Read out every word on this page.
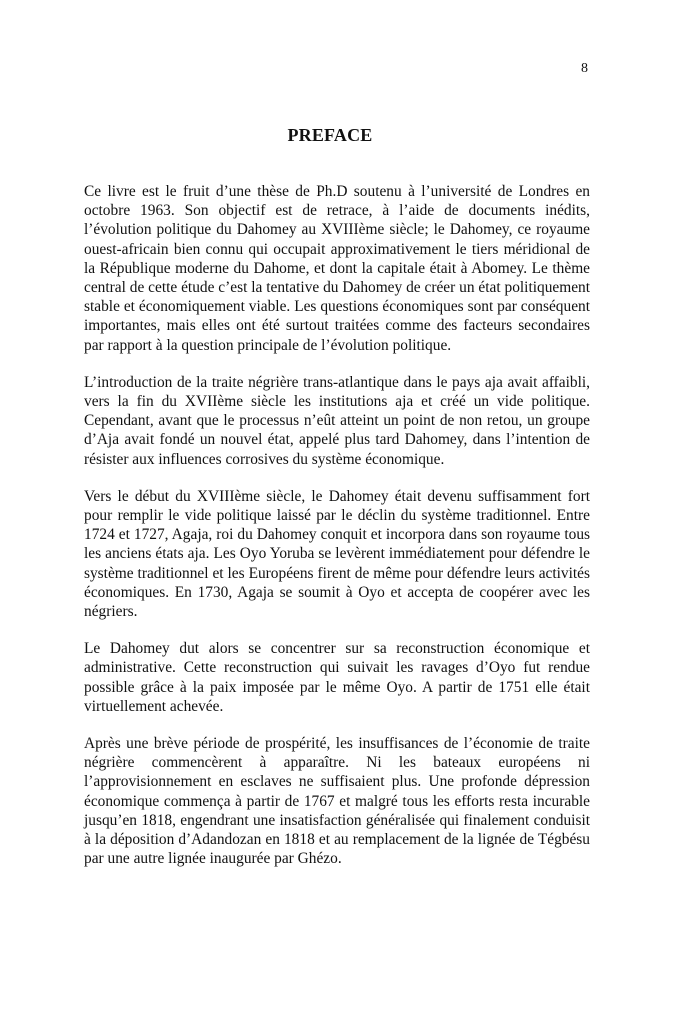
8
PREFACE

Ce livre est le fruit d’une thèse de Ph.D soutenu à l’université de Londres en octobre 1963. Son objectif est de retrace, à l’aide de documents inédits, l’évolution politique du Dahomey au XVIIIème siècle; le Dahomey, ce royaume ouest-africain bien connu qui occupait approximativement le tiers méridional de la République moderne du Dahome, et dont la capitale était à Abomey. Le thème central de cette étude c’est la tentative du Dahomey de créer un état politiquement stable et économiquement viable. Les questions économiques sont par conséquent importantes, mais elles ont été surtout traitées comme des facteurs secondaires par rapport à la question principale de l’évolution politique.

L’introduction de la traite négrière trans-atlantique dans le pays aja avait affaibli, vers la fin du XVIIème siècle les institutions aja et créé un vide politique. Cependant, avant que le processus n’eût atteint un point de non retou, un groupe d’Aja avait fondé un nouvel état, appelé plus tard Dahomey, dans l’intention de résister aux influences corrosives du système économique.

Vers le début du XVIIIème siècle, le Dahomey était devenu suffisamment fort pour remplir le vide politique laissé par le déclin du système traditionnel. Entre 1724 et 1727, Agaja, roi du Dahomey conquit et incorpora dans son royaume tous les anciens états aja. Les Oyo Yoruba se levèrent immédiatement pour défendre le système traditionnel et les Européens firent de même pour défendre leurs activités économiques. En 1730, Agaja se soumit à Oyo et accepta de coopérer avec les négriers.

Le Dahomey dut alors se concentrer sur sa reconstruction économique et administrative. Cette reconstruction qui suivait les ravages d’Oyo fut rendue possible grâce à la paix imposée par le même Oyo. A partir de 1751 elle était virtuellement achevée.

Après une brève période de prospérité, les insuffisances de l’économie de traite négrière commencèrent à apparaître. Ni les bateaux européens ni l’approvisionnement en esclaves ne suffisaient plus. Une profonde dépression économique commença à partir de 1767 et malgré tous les efforts resta incurable jusqu’en 1818, engendrant une insatisfaction généralisée qui finalement conduisit à la déposition d’Adandozan en 1818 et au remplacement de la lignée de Tégbésu par une autre lignée inaugurée par Ghézo.
